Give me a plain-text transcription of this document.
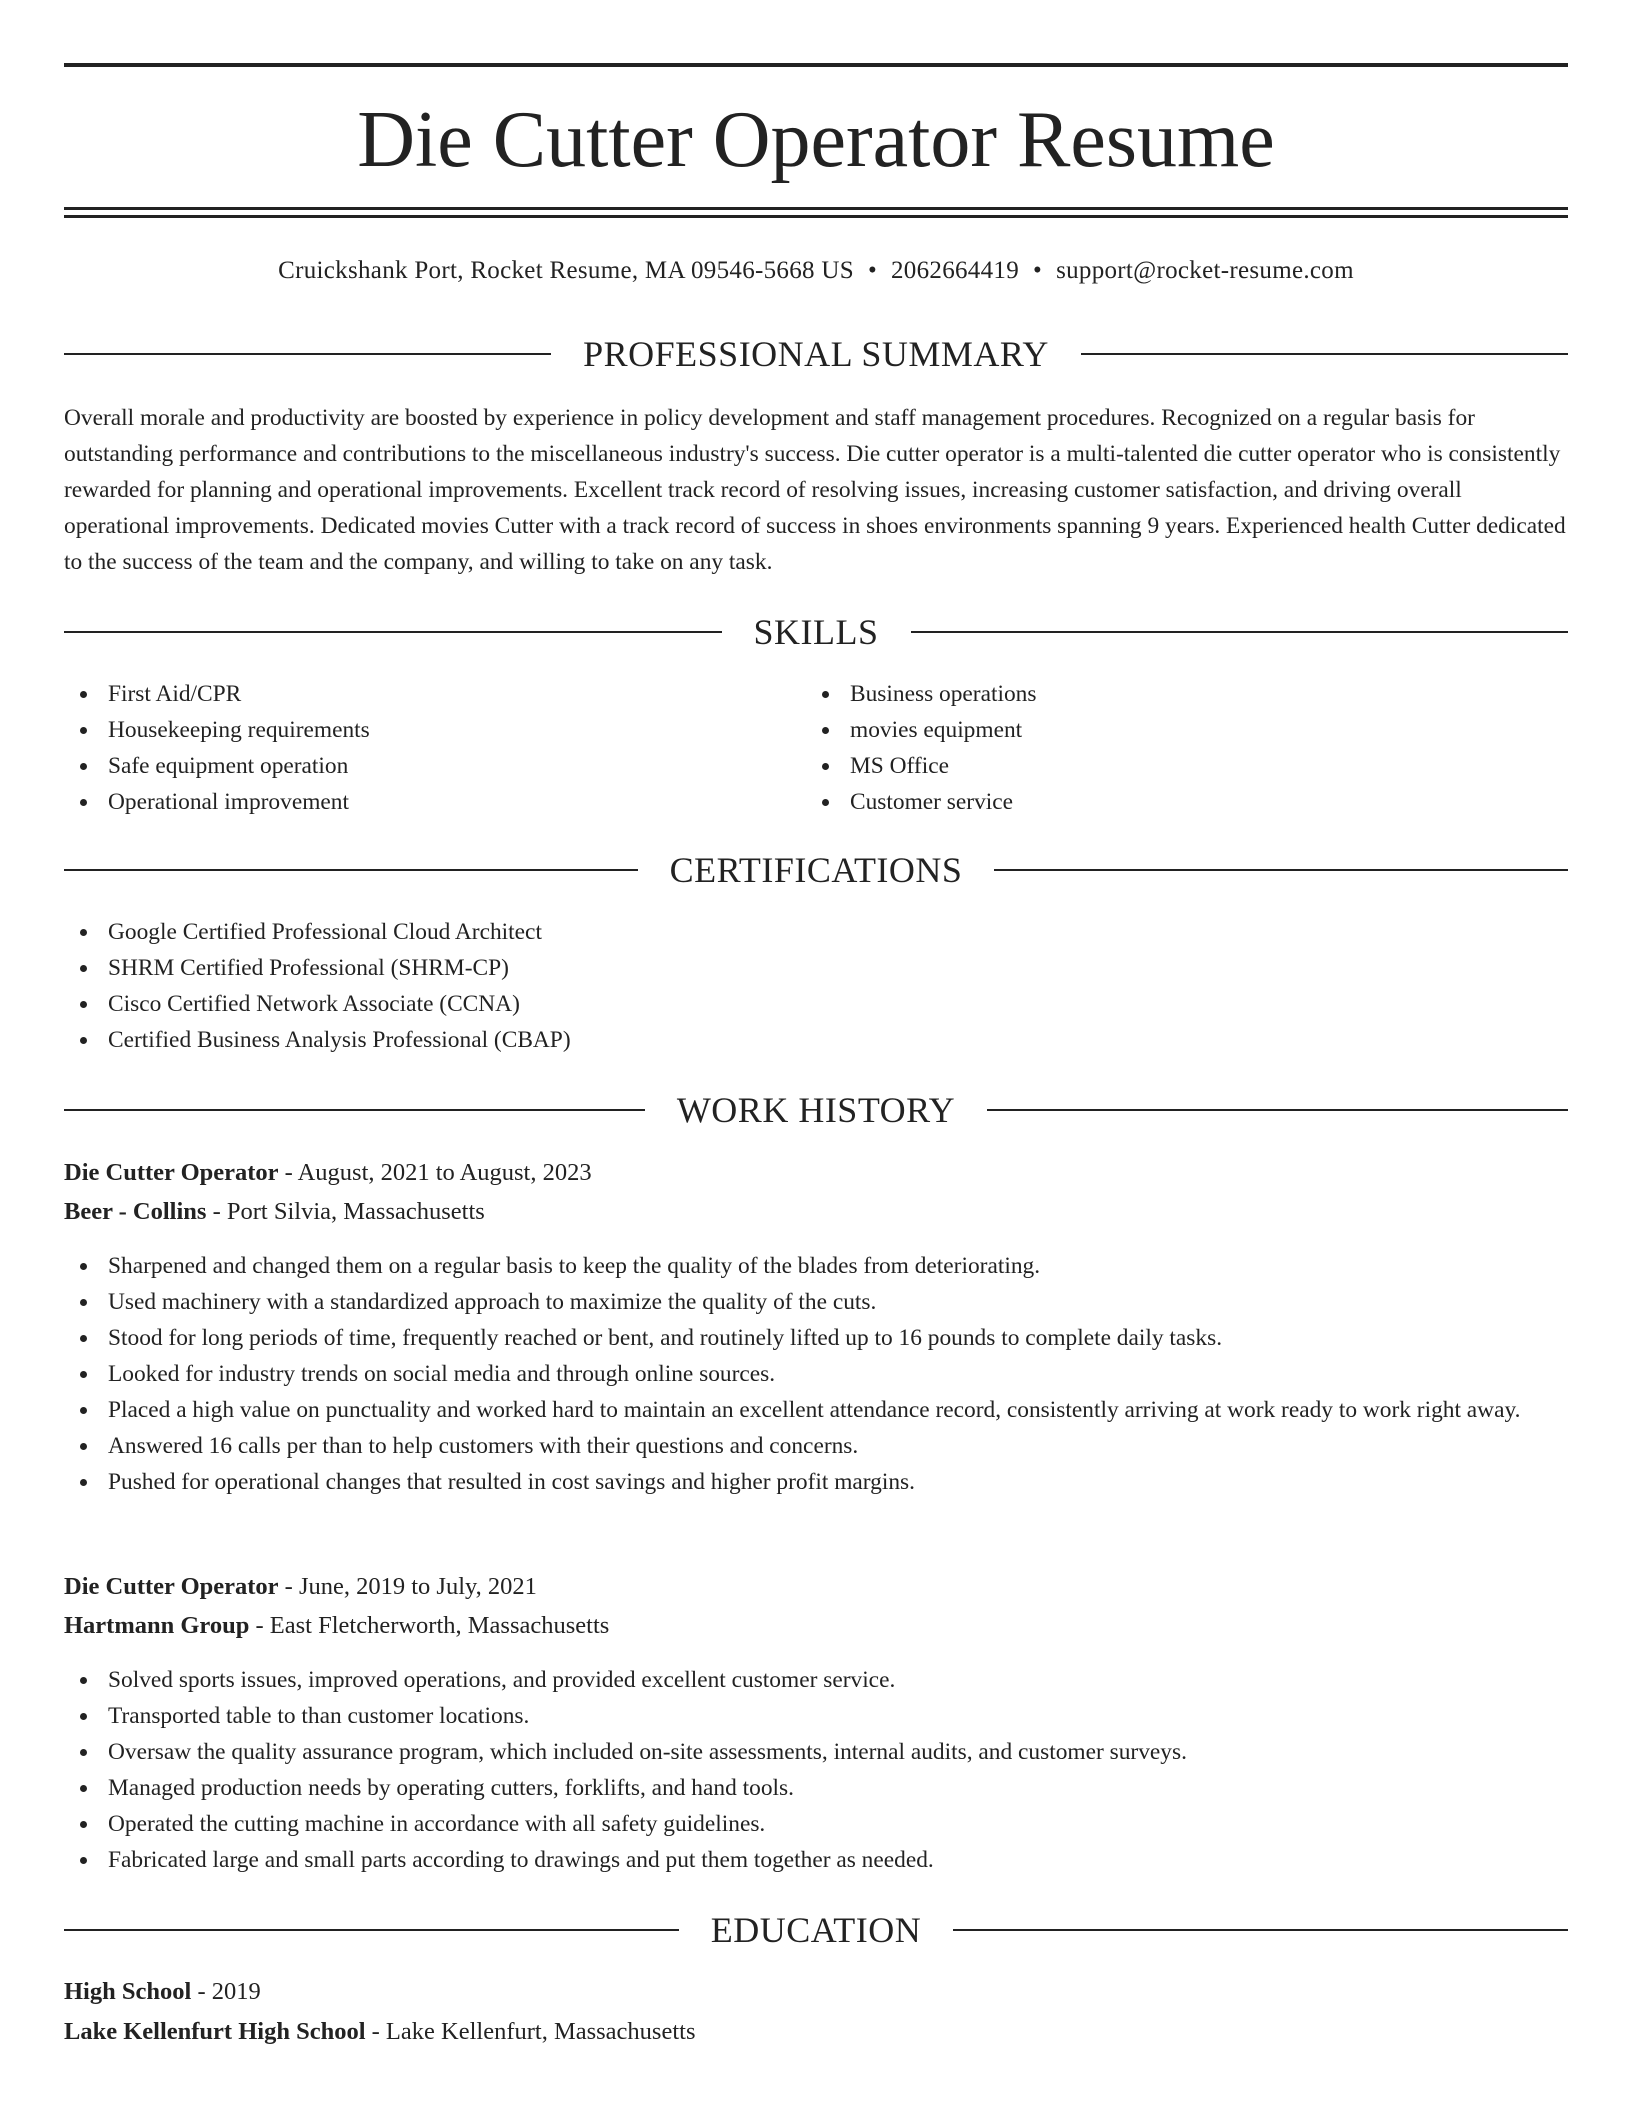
Die Cutter Operator Resume
Cruickshank Port, Rocket Resume, MA 09546-5668 US • 2062664419 • support@rocket-resume.com
PROFESSIONAL SUMMARY

Overall morale and productivity are boosted by experience in policy development and staff management procedures. Recognized on a regular basis for outstanding performance and contributions to the miscellaneous industry's success. Die cutter operator is a multi-talented die cutter operator who is consistently rewarded for planning and operational improvements. Excellent track record of resolving issues, increasing customer satisfaction, and driving overall operational improvements. Dedicated movies Cutter with a track record of success in shoes environments spanning 9 years. Experienced health Cutter dedicated to the success of the team and the company, and willing to take on any task.

SKILLS
First Aid/CPR
Housekeeping requirements
Safe equipment operation
Operational improvement
Business operations
movies equipment
MS Office
Customer service
CERTIFICATIONS
Google Certified Professional Cloud Architect
SHRM Certified Professional (SHRM-CP)
Cisco Certified Network Associate (CCNA)
Certified Business Analysis Professional (CBAP)
WORK HISTORY
Die Cutter Operator - August, 2021 to August, 2023
Beer - Collins - Port Silvia, Massachusetts
Sharpened and changed them on a regular basis to keep the quality of the blades from deteriorating.
Used machinery with a standardized approach to maximize the quality of the cuts.
Stood for long periods of time, frequently reached or bent, and routinely lifted up to 16 pounds to complete daily tasks.
Looked for industry trends on social media and through online sources.
Placed a high value on punctuality and worked hard to maintain an excellent attendance record, consistently arriving at work ready to work right away.
Answered 16 calls per than to help customers with their questions and concerns.
Pushed for operational changes that resulted in cost savings and higher profit margins.
Die Cutter Operator - June, 2019 to July, 2021
Hartmann Group - East Fletcherworth, Massachusetts
Solved sports issues, improved operations, and provided excellent customer service.
Transported table to than customer locations.
Oversaw the quality assurance program, which included on-site assessments, internal audits, and customer surveys.
Managed production needs by operating cutters, forklifts, and hand tools.
Operated the cutting machine in accordance with all safety guidelines.
Fabricated large and small parts according to drawings and put them together as needed.
EDUCATION
High School - 2019
Lake Kellenfurt High School - Lake Kellenfurt, Massachusetts
